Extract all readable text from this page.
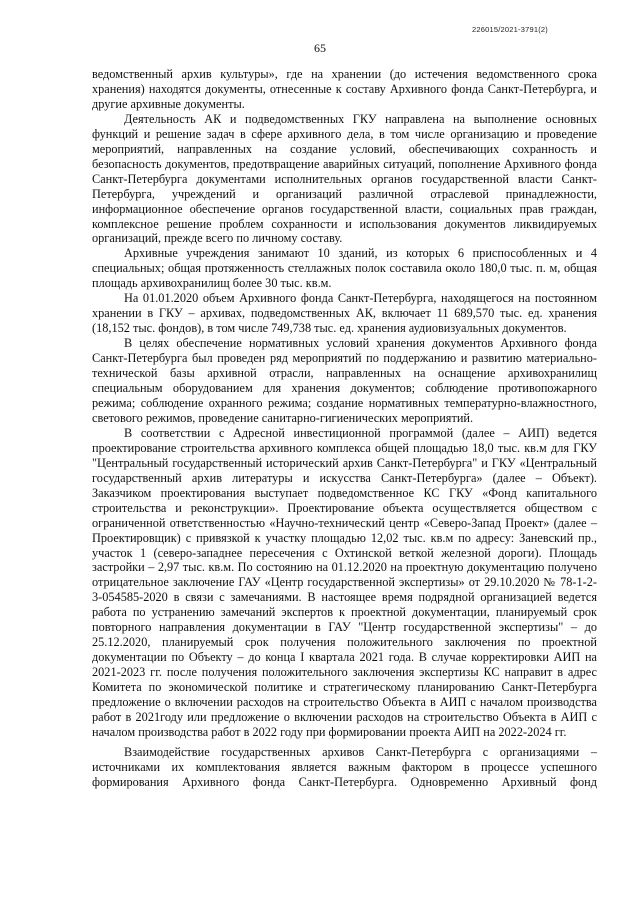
226015/2021-3791(2)
65

ведомственный архив культуры», где на хранении (до истечения ведомственного срока хранения) находятся документы, отнесенные к составу Архивного фонда Санкт-Петербурга, и другие архивные документы.

Деятельность АК и подведомственных ГКУ направлена на выполнение основных функций и решение задач в сфере архивного дела, в том числе организацию и проведение мероприятий, направленных на создание условий, обеспечивающих сохранность и безопасность документов, предотвращение аварийных ситуаций, пополнение Архивного фонда Санкт-Петербурга документами исполнительных органов государственной власти Санкт-Петербурга, учреждений и организаций различной отраслевой принадлежности, информационное обеспечение органов государственной власти, социальных прав граждан, комплексное решение проблем сохранности и использования документов ликвидируемых организаций, прежде всего по личному составу.

Архивные учреждения занимают 10 зданий, из которых 6 приспособленных и 4 специальных; общая протяженность стеллажных полок составила около 180,0 тыс. п. м, общая площадь архивохранилищ более 30 тыс. кв.м.

На 01.01.2020 объем Архивного фонда Санкт-Петербурга, находящегося на постоянном хранении в ГКУ – архивах, подведомственных АК, включает 11 689,570 тыс. ед. хранения (18,152 тыс. фондов), в том числе 749,738 тыс. ед. хранения аудиовизуальных документов.

В целях обеспечение нормативных условий хранения документов Архивного фонда Санкт-Петербурга был проведен ряд мероприятий по поддержанию и развитию материально-технической базы архивной отрасли, направленных на оснащение архивохранилищ специальным оборудованием для хранения документов; соблюдение противопожарного режима; соблюдение охранного режима; создание нормативных температурно-влажностного, светового режимов, проведение санитарно-гигиенических мероприятий.

В соответствии с Адресной инвестиционной программой (далее – АИП) ведется проектирование строительства архивного комплекса общей площадью 18,0 тыс. кв.м для ГКУ "Центральный государственный исторический архив Санкт-Петербурга" и ГКУ «Центральный государственный архив литературы и искусства Санкт-Петербурга» (далее – Объект). Заказчиком проектирования выступает подведомственное КС ГКУ «Фонд капитального строительства и реконструкции». Проектирование объекта осуществляется обществом с ограниченной ответственностью «Научно-технический центр «Северо-Запад Проект» (далее – Проектировщик) с привязкой к участку площадью 12,02 тыс. кв.м по адресу: Заневский пр., участок 1 (северо-западнее пересечения с Охтинской веткой железной дороги). Площадь застройки – 2,97 тыс. кв.м. По состоянию на 01.12.2020 на проектную документацию получено отрицательное заключение ГАУ «Центр государственной экспертизы» от 29.10.2020 № 78-1-2-3-054585-2020 в связи с замечаниями. В настоящее время подрядной организацией ведется работа по устранению замечаний экспертов к проектной документации, планируемый срок повторного направления документации в ГАУ "Центр государственной экспертизы" – до 25.12.2020, планируемый срок получения положительного заключения по проектной документации по Объекту – до конца I квартала 2021 года. В случае корректировки АИП на 2021-2023 гг. после получения положительного заключения экспертизы КС направит в адрес Комитета по экономической политике и стратегическому планированию Санкт-Петербурга предложение о включении расходов на строительство Объекта в АИП с началом производства работ в 2021году или предложение о включении расходов на строительство Объекта в АИП с началом производства работ в 2022 году при формировании проекта АИП на 2022-2024 гг.

Взаимодействие государственных архивов Санкт-Петербурга с организациями – источниками их комплектования является важным фактором в процессе успешного формирования Архивного фонда Санкт-Петербурга. Одновременно Архивный фонд
